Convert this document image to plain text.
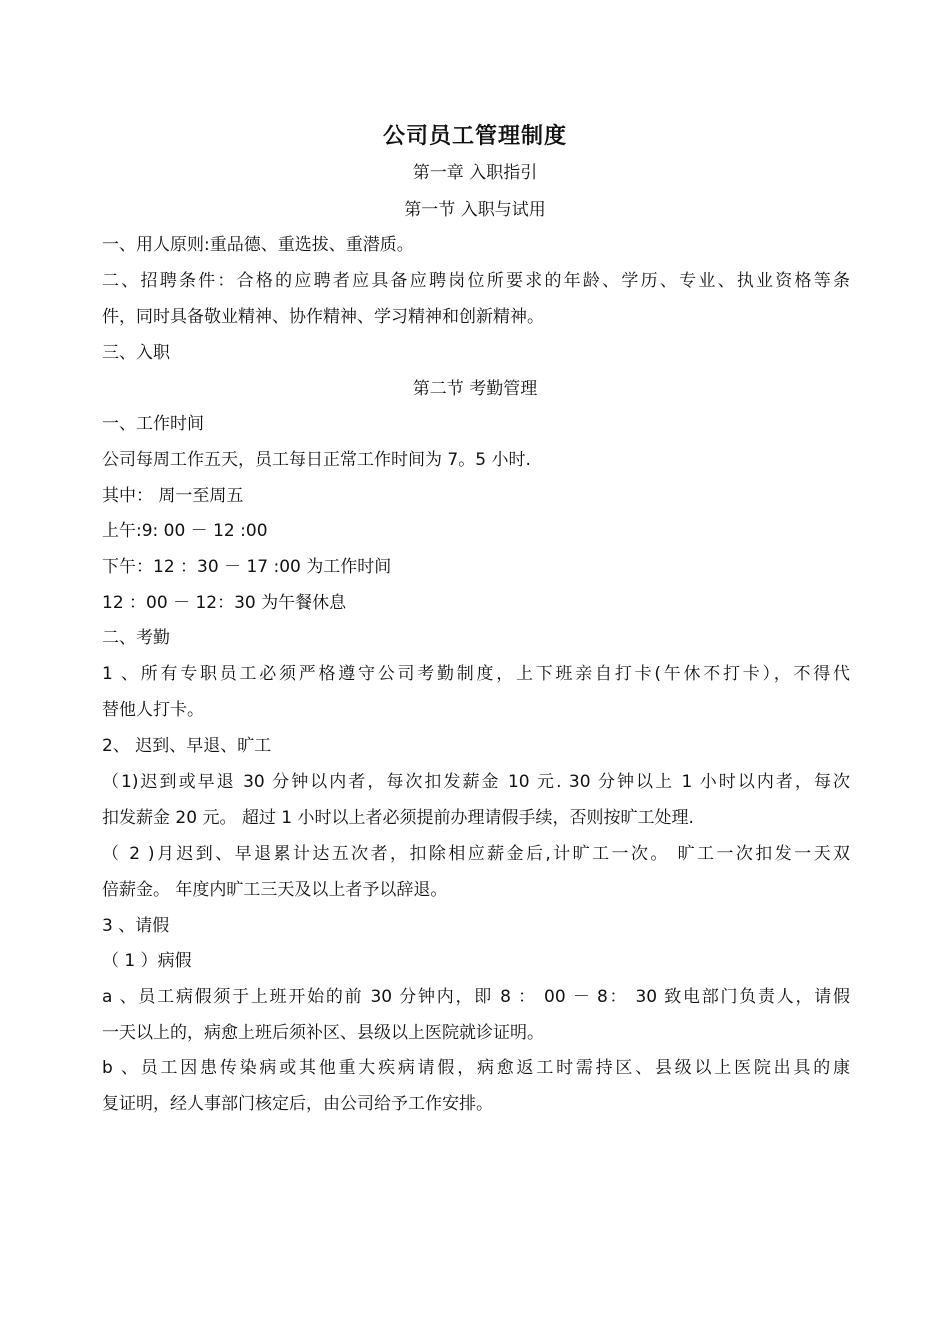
公司员工管理制度
第一章 入职指引
第一节 入职与试用
一、用人原则:重品德、重选拔、重潜质。
二、招聘条件：合格的应聘者应具备应聘岗位所要求的年龄、学历、专业、执业资格等条
件，同时具备敬业精神、协作精神、学习精神和创新精神。
三、入职
第二节 考勤管理
一、工作时间
公司每周工作五天，员工每日正常工作时间为 7。5 小时.
其中： 周一至周五
上午:9: 00 － 12 :00
下午：12 ：30 － 17 :00 为工作时间
12 ：00 － 12：30 为午餐休息
二、考勤
1 、所有专职员工必须严格遵守公司考勤制度，上下班亲自打卡(午休不打卡），不得代
替他人打卡。
2、 迟到、早退、旷工
（1)迟到或早退 30 分钟以内者，每次扣发薪金 10 元. 30 分钟以上 1 小时以内者，每次
扣发薪金 20 元。 超过 1 小时以上者必须提前办理请假手续，否则按旷工处理.
（ 2 )月迟到、早退累计达五次者，扣除相应薪金后,计旷工一次。 旷工一次扣发一天双
倍薪金。 年度内旷工三天及以上者予以辞退。
3 、请假
（ 1 ）病假
a 、员工病假须于上班开始的前 30 分钟内，即 8 ： 00 － 8： 30 致电部门负责人，请假
一天以上的，病愈上班后须补区、县级以上医院就诊证明。
b 、员工因患传染病或其他重大疾病请假，病愈返工时需持区、县级以上医院出具的康
复证明，经人事部门核定后，由公司给予工作安排。
